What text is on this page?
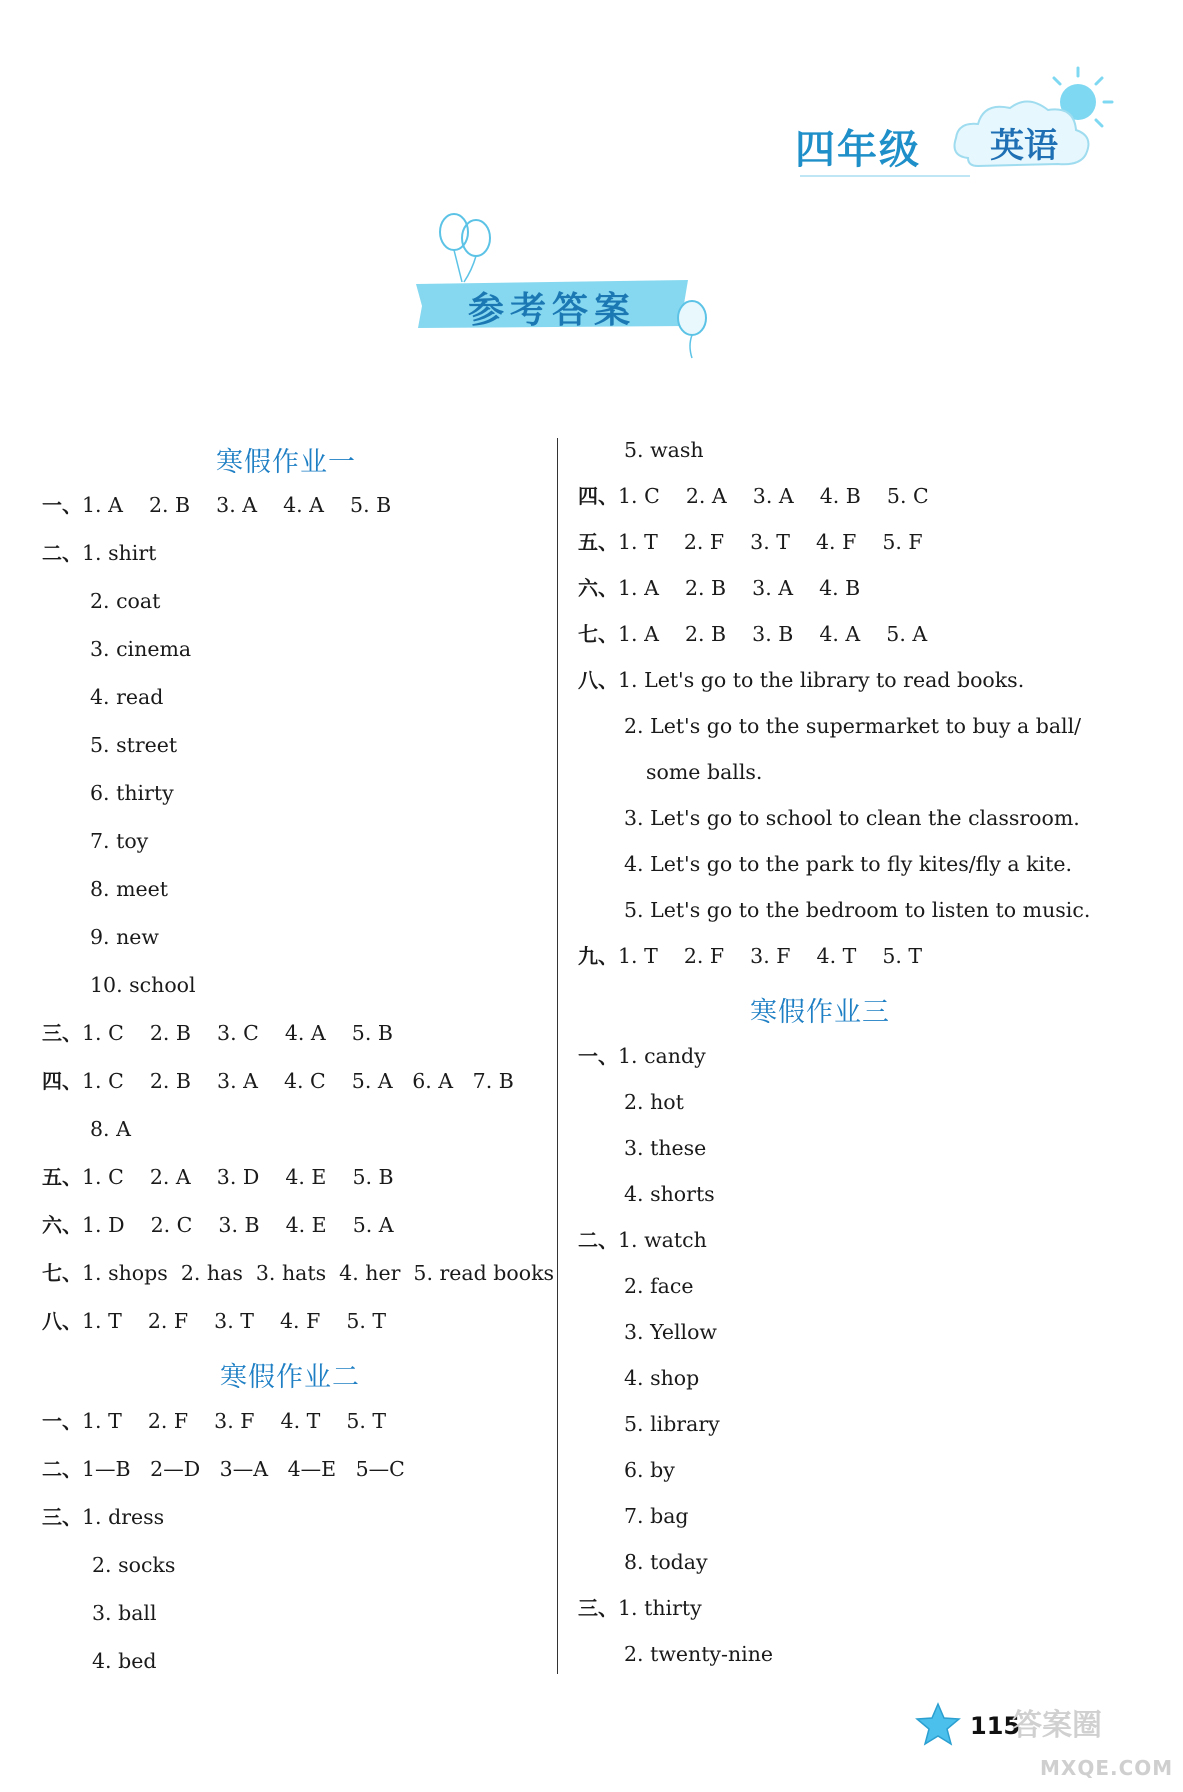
四年级 英语
参考答案
寒假作业一
寒假作业二
寒假作业三
一、1. A    2. B    3. A    4. A    5. B
二、1. shirt
2. coat
3. cinema
4. read
5. street
6. thirty
7. toy
8. meet
9. new
10. school
三、1. C    2. B    3. C    4. A    5. B
四、1. C    2. B    3. A    4. C    5. A   6. A   7. B
8. A
五、1. C    2. A    3. D    4. E    5. B
六、1. D    2. C    3. B    4. E    5. A
七、1. shops  2. has  3. hats  4. her  5. read books
八、1. T    2. F    3. T    4. F    5. T
一、1. T    2. F    3. F    4. T    5. T
二、1—B   2—D   3—A   4—E   5—C
三、1. dress
2. socks
3. ball
4. bed
5. wash
四、1. C    2. A    3. A    4. B    5. C
五、1. T    2. F    3. T    4. F    5. F
六、1. A    2. B    3. A    4. B
七、1. A    2. B    3. B    4. A    5. A
八、1. Let's go to the library to read books.
2. Let's go to the supermarket to buy a ball/
some balls.
3. Let's go to school to clean the classroom.
4. Let's go to the park to fly kites/fly a kite.
5. Let's go to the bedroom to listen to music.
九、1. T    2. F    3. F    4. T    5. T
一、1. candy
2. hot
3. these
4. shorts
二、1. watch
2. face
3. Yellow
4. shop
5. library
6. by
7. bag
8. today
三、1. thirty
2. twenty-nine
115
答案圈
MXQE.COM
